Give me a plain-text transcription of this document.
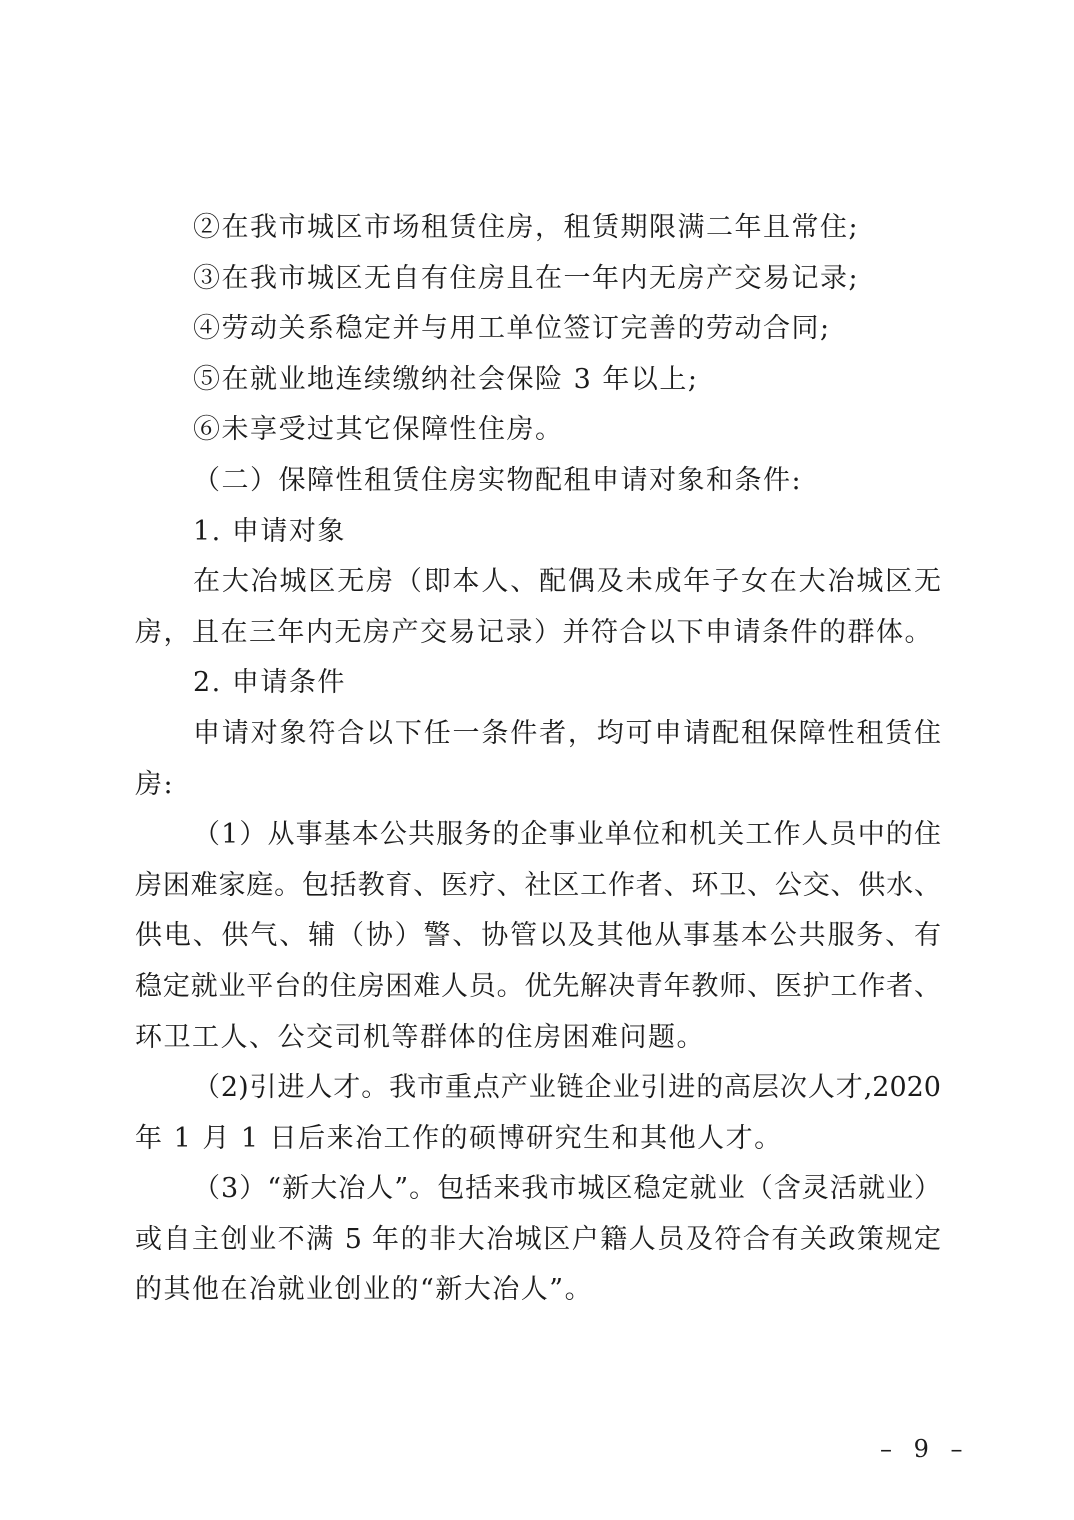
②在我市城区市场租赁住房，租赁期限满二年且常住;
③在我市城区无自有住房且在一年内无房产交易记录;
④劳动关系稳定并与用工单位签订完善的劳动合同;
⑤在就业地连续缴纳社会保险 3 年以上;
⑥未享受过其它保障性住房。
（二）保障性租赁住房实物配租申请对象和条件:
1. 申请对象
在大冶城区无房（即本人、配偶及未成年子女在大冶城区无
房，且在三年内无房产交易记录）并符合以下申请条件的群体。
2. 申请条件
申请对象符合以下任一条件者，均可申请配租保障性租赁住
房:
（1）从事基本公共服务的企事业单位和机关工作人员中的住
房困难家庭。包括教育、医疗、社区工作者、环卫、公交、供水、
供电、供气、辅（协）警、协管以及其他从事基本公共服务、有
稳定就业平台的住房困难人员。优先解决青年教师、医护工作者、
环卫工人、公交司机等群体的住房困难问题。
（2)引进人才。我市重点产业链企业引进的高层次人才,2020
年 1 月 1 日后来冶工作的硕博研究生和其他人才。
（3）“新大冶人”。包括来我市城区稳定就业（含灵活就业）
或自主创业不满 5 年的非大冶城区户籍人员及符合有关政策规定
的其他在冶就业创业的“新大冶人”。
– 9 –
